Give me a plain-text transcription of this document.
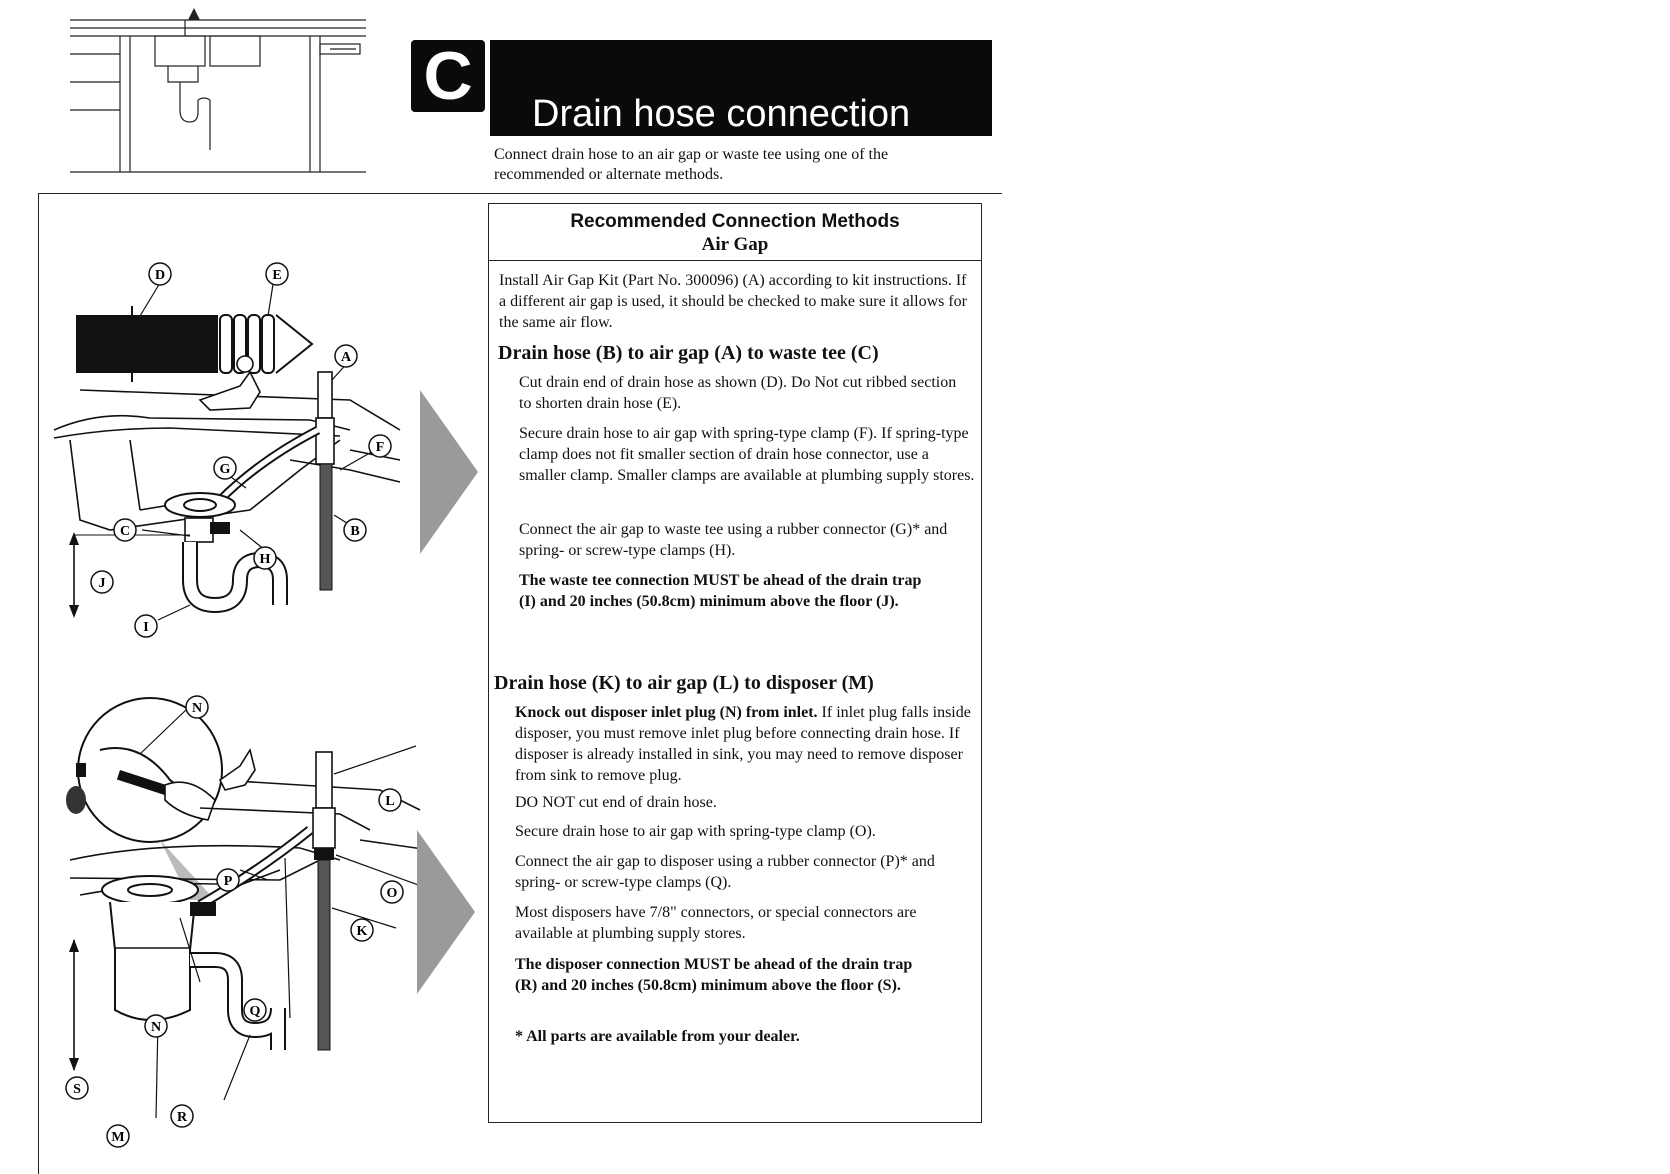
C	Drain hose connection
Connect drain hose to an air gap or waste tee using one of the recommended or alternate methods.
D	E
A
F
G
C
H
B
J
I
N
L
P
O
K
Q
N
S
R
M
Recommended Connection Methods
Air Gap
Install Air Gap Kit (Part No. 300096) (A) according to kit instructions. If a different air gap is used, it should be checked to make sure it allows for the same air flow.
Drain hose (B) to air gap (A) to waste tee (C)
Cut drain end of drain hose as shown (D). Do Not cut ribbed section to shorten drain hose (E).
Secure drain hose to air gap with spring-type clamp (F). If spring-type clamp does not fit smaller section of drain hose connector, use a smaller clamp. Smaller clamps are available at plumbing supply stores.
Connect the air gap to waste tee using a rubber connector (G)* and spring- or screw-type clamps (H).
The waste tee connection MUST be ahead of the drain trap (I) and 20 inches (50.8cm) minimum above the floor (J).
Drain hose (K) to air gap (L) to disposer (M)
Knock out disposer inlet plug (N) from inlet. If inlet plug falls inside disposer, you must remove inlet plug before connecting drain hose. If disposer is already installed in sink, you may need to remove disposer from sink to remove plug.
DO NOT cut end of drain hose.
Secure drain hose to air gap with spring-type clamp (O).
Connect the air gap to disposer using a rubber connector (P)* and spring- or screw-type clamps (Q).
Most disposers have 7/8" connectors, or special connectors are available at plumbing supply stores.
The disposer connection MUST be ahead of the drain trap (R) and 20 inches (50.8cm) minimum above the floor (S).
* All parts are available from your dealer.
